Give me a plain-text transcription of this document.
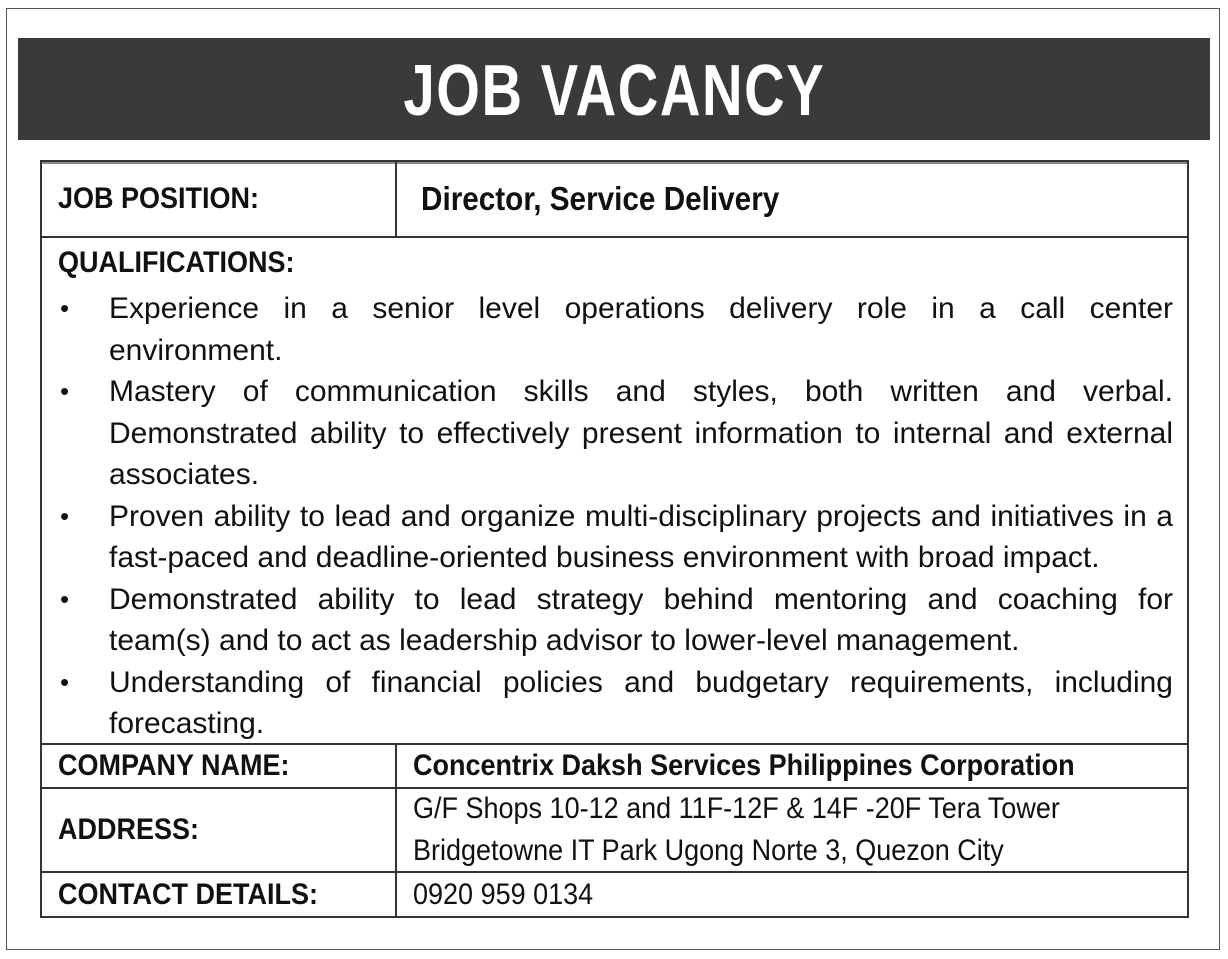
JOB VACANCY
JOB POSITION:	Director, Service Delivery
QUALIFICATIONS:
• Experience in a senior level operations delivery role in a call center environment.
• Mastery of communication skills and styles, both written and verbal. Demonstrated ability to effectively present information to internal and external associates.
• Proven ability to lead and organize multi-disciplinary projects and initiatives in a fast-paced and deadline-oriented business environment with broad impact.
• Demonstrated ability to lead strategy behind mentoring and coaching for team(s) and to act as leadership advisor to lower-level management.
• Understanding of financial policies and budgetary requirements, including forecasting.
COMPANY NAME:	Concentrix Daksh Services Philippines Corporation
ADDRESS:
G/F Shops 10-12 and 11F-12F & 14F -20F Tera Tower
Bridgetowne IT Park Ugong Norte 3, Quezon City
CONTACT DETAILS:	0920 959 0134
